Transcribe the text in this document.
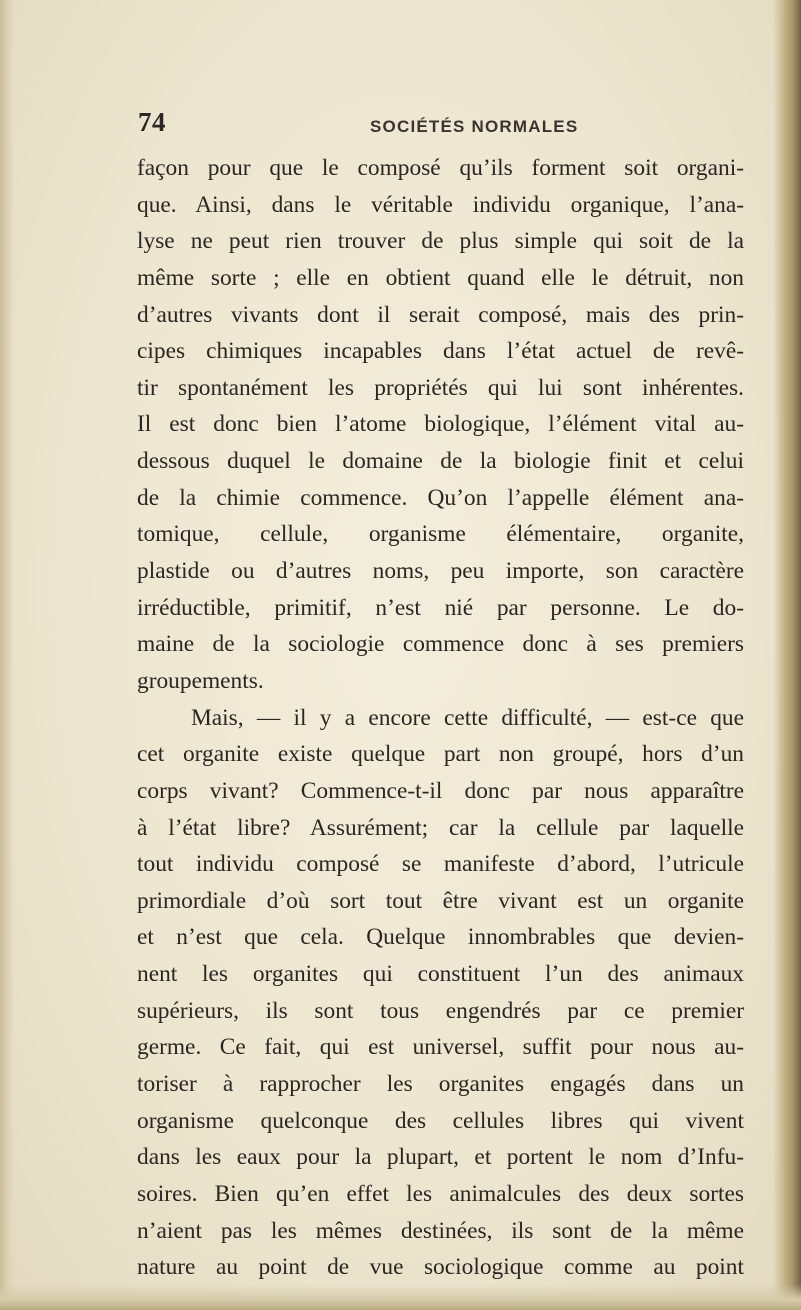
74	SOCIÉTÉS NORMALES
façon pour que le composé qu’ils forment soit organi-
que. Ainsi, dans le véritable individu organique, l’ana-
lyse ne peut rien trouver de plus simple qui soit de la
même sorte ; elle en obtient quand elle le détruit, non
d’autres vivants dont il serait composé, mais des prin-
cipes chimiques incapables dans l’état actuel de revê-
tir spontanément les propriétés qui lui sont inhérentes.
Il est donc bien l’atome biologique, l’élément vital au-
dessous duquel le domaine de la biologie finit et celui
de la chimie commence. Qu’on l’appelle élément ana-
tomique, cellule, organisme élémentaire, organite,
plastide ou d’autres noms, peu importe, son caractère
irréductible, primitif, n’est nié par personne. Le do-
maine de la sociologie commence donc à ses premiers
groupements.
Mais, — il y a encore cette difficulté, — est-ce que
cet organite existe quelque part non groupé, hors d’un
corps vivant? Commence-t-il donc par nous apparaître
à l’état libre? Assurément; car la cellule par laquelle
tout individu composé se manifeste d’abord, l’utricule
primordiale d’où sort tout être vivant est un organite
et n’est que cela. Quelque innombrables que devien-
nent les organites qui constituent l’un des animaux
supérieurs, ils sont tous engendrés par ce premier
germe. Ce fait, qui est universel, suffit pour nous au-
toriser à rapprocher les organites engagés dans un
organisme quelconque des cellules libres qui vivent
dans les eaux pour la plupart, et portent le nom d’Infu-
soires. Bien qu’en effet les animalcules des deux sortes
n’aient pas les mêmes destinées, ils sont de la même
nature au point de vue sociologique comme au point
